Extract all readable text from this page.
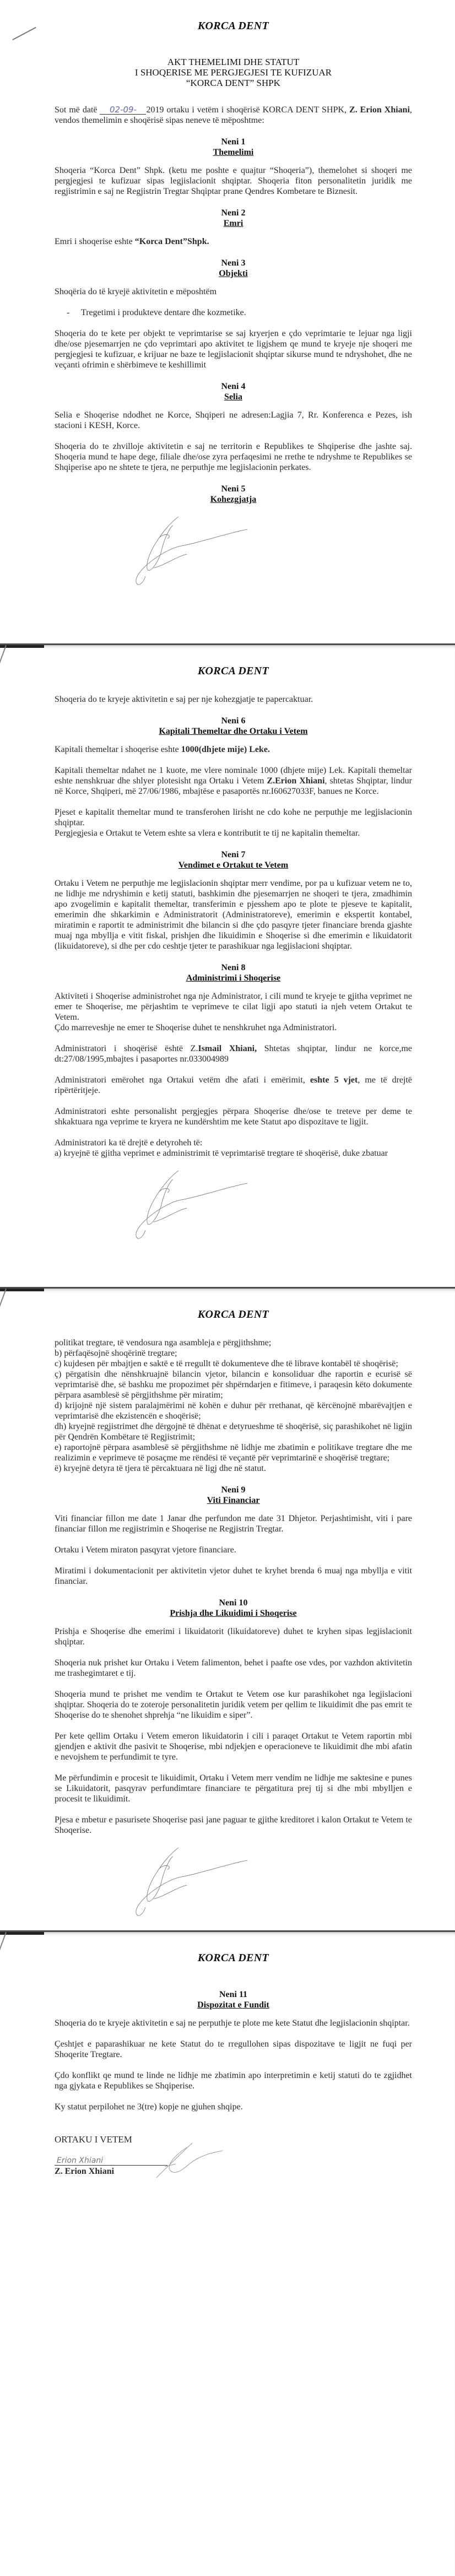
KORCA DENT
AKT THEMELIMI DHE STATUT
I SHOQERISE ME PERGJEGJESI TE KUFIZUAR
“KORCA DENT” SHPK

Sot më datë 02-09- 2019 ortaku i vetëm i shoqërisë KORCA DENT SHPK, Z. Erion Xhiani, vendos themelimin e shoqërisë sipas neneve të mëposhtme:

Neni 1
Themelimi

Shoqeria “Korca Dent” Shpk. (ketu me poshte e quajtur “Shoqeria”), themelohet si shoqeri me pergjegjesi te kufizuar sipas legjislacionit shqiptar. Shoqeria fiton personalitetin juridik me regjistrimin e saj ne Regjistrin Tregtar Shqiptar prane Qendres Kombetare te Biznesit.

Neni 2
Emri

Emri i shoqerise eshte “Korca Dent”Shpk.

Neni 3
Objekti

Shoqëria do të kryejë aktivitetin e mëposhtëm

- Tregetimi i produkteve dentare dhe kozmetike.

Shoqeria do te kete per objekt te veprimtarise se saj kryerjen e çdo veprimtarie te lejuar nga ligji dhe/ose pjesemarrjen ne çdo veprimtari apo aktivitet te ligjshem qe mund te kryeje nje shoqeri me pergjegjesi te kufizuar, e krijuar ne baze te legjislacionit shqiptar sikurse mund te ndryshohet, dhe ne veçanti ofrimin e shërbimeve te keshillimit

Neni 4
Selia

Selia e Shoqerise ndodhet ne Korce, Shqiperi ne adresen:Lagjia 7, Rr. Konferenca e Pezes, ish stacioni i KESH, Korce.

Shoqeria do te zhvilloje aktivitetin e saj ne territorin e Republikes te Shqiperise dhe jashte saj. Shoqeria mund te hape dege, filiale dhe/ose zyra perfaqesimi ne rrethe te ndryshme te Republikes se Shqiperise apo ne shtete te tjera, ne perputhje me legjislacionin perkates.

Neni 5
Kohezgjatja
KORCA DENT

Shoqeria do te kryeje aktivitetin e saj per nje kohezgjatje te papercaktuar.

Neni 6
Kapitali Themeltar dhe Ortaku i Vetem

Kapitali themeltar i shoqerise eshte 1000(dhjete mije) Leke.

Kapitali themeltar ndahet ne 1 kuote, me vlere nominale 1000 (dhjete mije) Lek. Kapitali themeltar eshte nenshkruar dhe shlyer plotesisht nga Ortaku i Vetem Z.Erion Xhiani, shtetas Shqiptar, lindur në Korce, Shqiperi, më 27/06/1986, mbajtëse e pasaportës nr.I60627033F, banues ne Korce.

Pjeset e kapitalit themeltar mund te transferohen lirisht ne cdo kohe ne perputhje me legjislacionin shqiptar.

Pergjegjesia e Ortakut te Vetem eshte sa vlera e kontributit te tij ne kapitalin themeltar.

Neni 7
Vendimet e Ortakut te Vetem

Ortaku i Vetem ne perputhje me legjislacionin shqiptar merr vendime, por pa u kufizuar vetem ne to, ne lidhje me ndryshimin e ketij statuti, bashkimin dhe pjesemarrjen ne shoqeri te tjera, zmadhimin apo zvogelimin e kapitalit themeltar, transferimin e pjesshem apo te plote te pjeseve te kapitalit, emerimin dhe shkarkimin e Administratorit (Administratoreve), emerimin e ekspertit kontabel, miratimin e raportit te administrimit dhe bilancin si dhe çdo pasqyre tjeter financiare brenda gjashte muaj nga mbyllja e vitit fiskal, prishjen dhe likuidimin e Shoqerise si dhe emerimin e likuidatorit (likuidatoreve), si dhe per cdo ceshtje tjeter te parashikuar nga legjislacioni shqiptar.

Neni 8
Administrimi i Shoqerise

Aktiviteti i Shoqerise administrohet nga nje Administrator, i cili mund te kryeje te gjitha veprimet ne emer te Shoqerise, me përjashtim te veprimeve te cilat ligji apo statuti ia njeh vetem Ortakut te Vetem.

Çdo marreveshje ne emer te Shoqerise duhet te nenshkruhet nga Administratori.

Administratori i shoqërisë është Z.Ismail Xhiani, Shtetas shqiptar, lindur ne korce,me dt:27/08/1995,mbajtes i pasaportes nr.033004989

Administratori emërohet nga Ortakui vetëm dhe afati i emërimit, eshte 5 vjet, me të drejtë ripërtëritjeje.

Administratori eshte personalisht pergjegjes përpara Shoqerise dhe/ose te treteve per deme te shkaktuara nga veprime te kryera ne kundërshtim me kete Statut apo dispozitave te ligjit.

Administratori ka të drejtë e detyroheh të:

a) kryejnë të gjitha veprimet e administrimit të veprimtarisë tregtare të shoqërisë, duke zbatuar

KORCA DENT

politikat tregtare, të vendosura nga asambleja e përgjithshme;

b) përfaqësojnë shoqërinë tregtare;

c) kujdesen për mbajtjen e saktë e të rregullt të dokumenteve dhe të librave kontabël të shoqërisë;

ç) përgatisin dhe nënshkruajnë bilancin vjetor, bilancin e konsoliduar dhe raportin e ecurisë së veprimtarisë dhe, së bashku me propozimet për shpërndarjen e fitimeve, i paraqesin këto dokumente përpara asamblesë së përgjithshme për miratim;

d) krijojnë një sistem paralajmërimi në kohën e duhur për rrethanat, që kërcënojnë mbarëvajtjen e veprimtarisë dhe ekzistencën e shoqërisë;

dh) kryejnë regjistrimet dhe dërgojnë të dhënat e detyrueshme të shoqërisë, siç parashikohet në ligjin për Qendrën Kombëtare të Regjistrimit;

e) raportojnë përpara asamblesë së përgjithshme në lidhje me zbatimin e politikave tregtare dhe me realizimin e veprimeve të posaçme me rëndësi të veçantë për veprimtarinë e shoqërisë tregtare;

ë) kryejnë detyra të tjera të përcaktuara në ligj dhe në statut.

Neni 9
Viti Financiar

Viti financiar fillon me date 1 Janar dhe perfundon me date 31 Dhjetor. Perjashtimisht, viti i pare financiar fillon me regjistrimin e Shoqerise ne Regjistrin Tregtar.

Ortaku i Vetem miraton pasqyrat vjetore financiare.

Miratimi i dokumentacionit per aktivitetin vjetor duhet te kryhet brenda 6 muaj nga mbyllja e vitit financiar.

Neni 10
Prishja dhe Likuidimi i Shoqerise

Prishja e Shoqerise dhe emerimi i likuidatorit (likuidatoreve) duhet te kryhen sipas legjislacionit shqiptar.

Shoqeria nuk prishet kur Ortaku i Vetem falimenton, behet i paafte ose vdes, por vazhdon aktivitetin me trashegimtaret e tij.

Shoqeria mund te prishet me vendim te Ortakut te Vetem ose kur parashikohet nga legjislacioni shqiptar. Shoqeria do te zoteroje personalitetin juridik vetem per qellim te likuidimit dhe pas emrit te Shoqerise do te shenohet shprehja “ne likuidim e siper”.

Per kete qellim Ortaku i Vetem emeron likuidatorin i cili i paraqet Ortakut te Vetem raportin mbi gjendjen e aktivit dhe pasivit te Shoqerise, mbi ndjekjen e operacioneve te likuidimit dhe mbi afatin e nevojshem te perfundimit te tyre.

Me përfundimin e procesit te likuidimit, Ortaku i Vetem merr vendim ne lidhje me saktesine e punes se Likuidatorit, pasqyrav perfundimtare financiare te përgatitura prej tij si dhe mbi mbylljen e procesit te likuidimit.

Pjesa e mbetur e pasurisete Shoqerise pasi jane paguar te gjithe kreditoret i kalon Ortakut te Vetem te Shoqerise.

KORCA DENT
Neni 11
Dispozitat e Fundit

Shoqeria do te kryeje aktivitetin e saj ne perputhje te plote me kete Statut dhe legjislacionin shqiptar.

Çeshtjet e paparashikuar ne kete Statut do te rregullohen sipas dispozitave te ligjit ne fuqi per Shoqerite Tregtare.

Çdo konflikt qe mund te linde ne lidhje me zbatimin apo interpretimin e ketij statuti do te zgjidhet nga gjykata e Republikes se Shqiperise.

Ky statut perpilohet ne 3(tre) kopje ne gjuhen shqipe.

ORTAKU I VETEM
Erion Xhiani
Z. Erion Xhiani
